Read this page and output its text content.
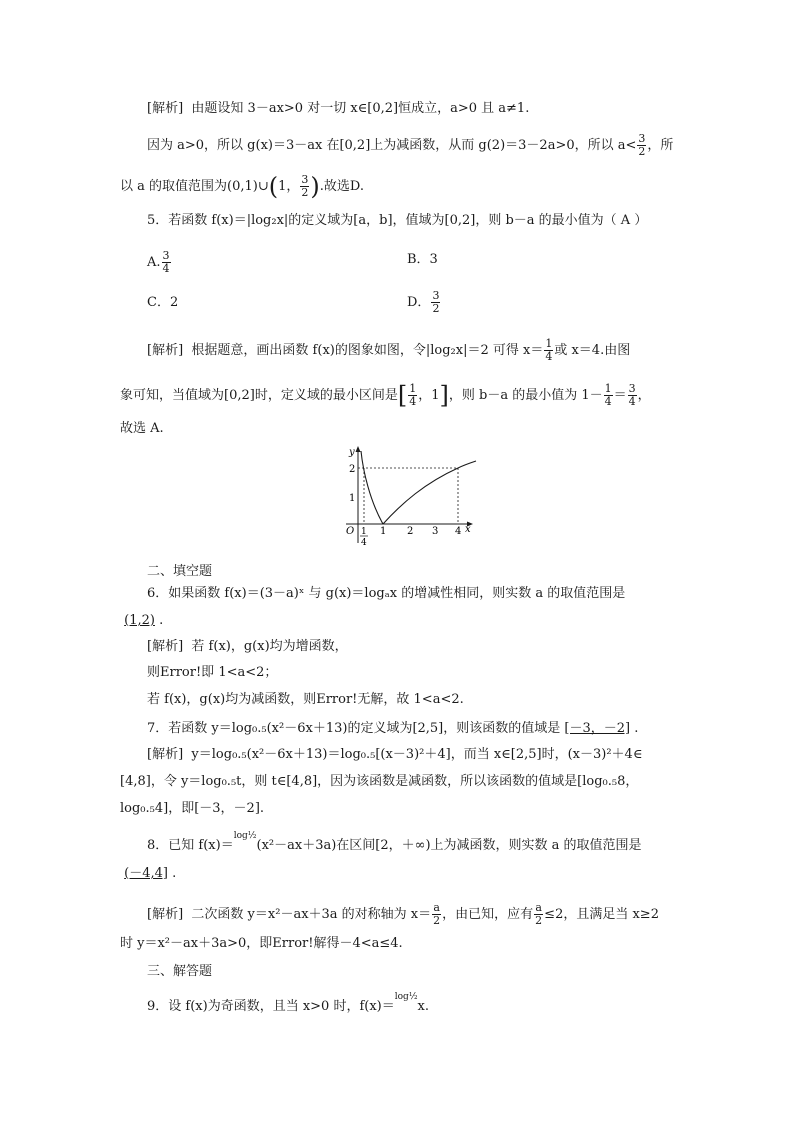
[解析] 由题设知 3－ax>0 对一切 x∈[0,2]恒成立，a>0 且 a≠1.
因为 a>0，所以 g(x)＝3－ax 在[0,2]上为减函数，从而 g(2)＝3－2a>0，所以 $a< \frac{3}{2}$ ，所
以 a 的取值范围为(0,1)∪(1， $\frac{3}{2}$ ).故选D.
5．若函数 f(x)＝|log₂x|的定义域为[a，b]，值域为[0,2]，则 b－a 的最小值为（ A ）
A. $\frac{3}{4}$	B．3
C．2	D． $\frac{3}{2}$
[解析] 根据题意，画出函数 f(x)的图象如图，令|log₂x|＝2 可得 $x= \frac{1}{4}$ 或 x＝4.由图
象可知，当值域为[0,2]时，定义域的最小区间是[ $\frac{1}{4}$ ，1]，则 b－a 的最小值为 $1- \frac{1}{4} = \frac{3}{4}$ ，
故选 A.
y
2
1
O 1
4
1 2 3 4 x
二、填空题
6．如果函数 f(x)＝(3－a)ˣ 与 g(x)＝logₐx 的增减性相同，则实数 a 的取值范围是
(1,2) .
[解析] 若 f(x)，g(x)均为增函数，
则Error!即 1<a<2；
若 f(x)，g(x)均为减函数，则Error!无解，故 1<a<2.
7．若函数 y＝log₀.₅(x²－6x＋13)的定义域为[2,5]，则该函数的值域是 [－3，－2] .
[解析] y＝log₀.₅(x²－6x＋13)＝log₀.₅[(x－3)²＋4]，而当 x∈[2,5]时，(x－3)²＋4∈
[4,8]，令 y＝log₀.₅t，则 t∈[4,8]，因为该函数是减函数，所以该函数的值域是[log₀.₅8，
log₀.₅4]，即[－3，－2].
8．已知 f(x)＝log½(x²－ax＋3a)在区间[2，＋∞)上为减函数，则实数 a 的取值范围是
(－4,4] .
[解析] 二次函数 y＝x²－ax＋3a 的对称轴为 $x= \frac{a}{2}$ ，由已知，应有 $\frac{a}{2} \le 2$，且满足当 x≥2
时 y＝x²－ax＋3a>0，即Error!解得－4<a≤4.
三、解答题
9．设 f(x)为奇函数，且当 x>0 时，f(x)＝log½x.
